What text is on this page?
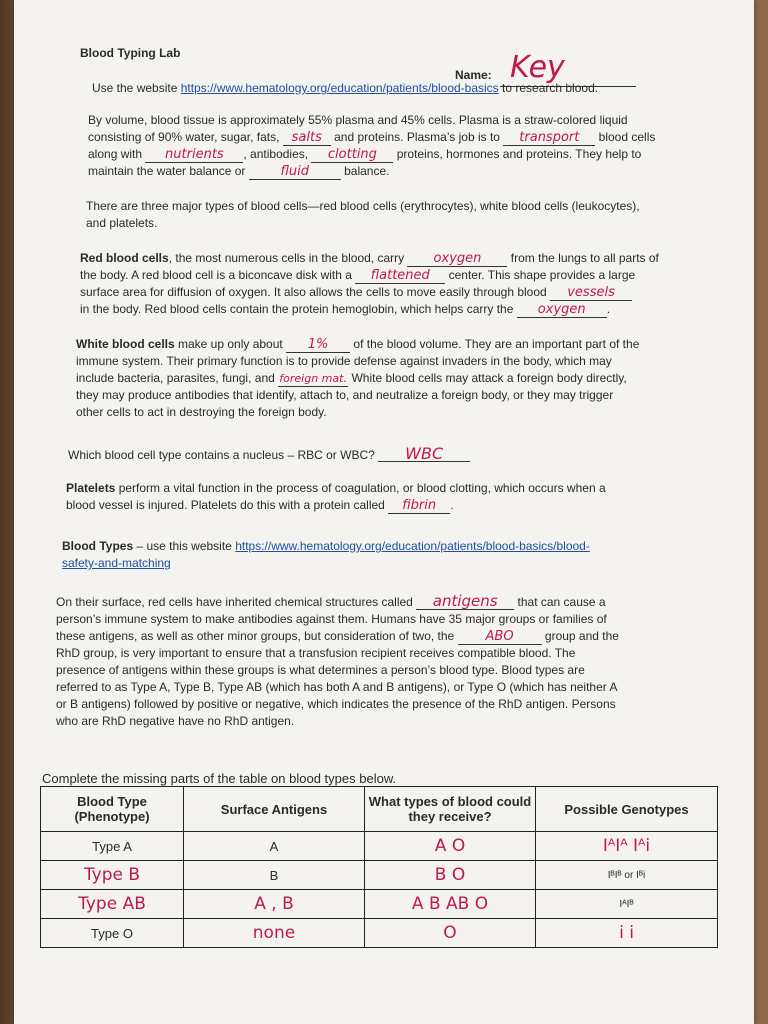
Blood Typing Lab
Name: Key
Use the website https://www.hematology.org/education/patients/blood-basics to research blood.
By volume, blood tissue is approximately 55% plasma and 45% cells. Plasma is a straw-colored liquid
consisting of 90% water, sugar, fats, salts and proteins. Plasma’s job is to transport blood cells
along with nutrients , antibodies, clotting proteins, hormones and proteins. They help to
maintain the water balance or fluid	balance.
There are three major types of blood cells—red blood cells (erythrocytes), white blood cells (leukocytes),
and platelets.
Red blood cells, the most numerous cells in the blood, carry oxygen from the lungs to all parts of
the body. A red blood cell is a biconcave disk with a flattened center. This shape provides a large
surface area for diffusion of oxygen. It also allows the cells to move easily through blood vessels
in the body. Red blood cells contain the protein hemoglobin, which helps carry the oxygen .
White blood cells make up only about 1% of the blood volume. They are an important part of the
immune system. Their primary function is to provide defense against invaders in the body, which may
include bacteria, parasites, fungi, and foreign mat. White blood cells may attack a foreign body directly,
they may produce antibodies that identify, attach to, and neutralize a foreign body, or they may trigger
other cells to act in destroying the foreign body.
Which blood cell type contains a nucleus – RBC or WBC? WBC
Platelets perform a vital function in the process of coagulation, or blood clotting, which occurs when a
blood vessel is injured. Platelets do this with a protein called fibrin .
Blood Types – use this website https://www.hematology.org/education/patients/blood-basics/blood-
safety-and-matching
On their surface, red cells have inherited chemical structures called antigens that can cause a
person’s immune system to make antibodies against them. Humans have 35 major groups or families of
these antigens, as well as other minor groups, but consideration of two, the ABO group and the
RhD group, is very important to ensure that a transfusion recipient receives compatible blood. The
presence of antigens within these groups is what determines a person’s blood type. Blood types are
referred to as Type A, Type B, Type AB (which has both A and B antigens), or Type O (which has neither A
or B antigens) followed by positive or negative, which indicates the presence of the RhD antigen. Persons
who are RhD negative have no RhD antigen.
Complete the missing parts of the table on blood types below.
Blood Type (Phenotype)	Surface Antigens	What types of blood could they receive?	Possible Genotypes
Type A	A	A O	IᴬIᴬ Iᴬi
Type B	B	B O	IᴮIᴮ or Iᴮi
Type AB	A , B	A B AB O	IᴬIᴮ
Type O	none	O	i i
